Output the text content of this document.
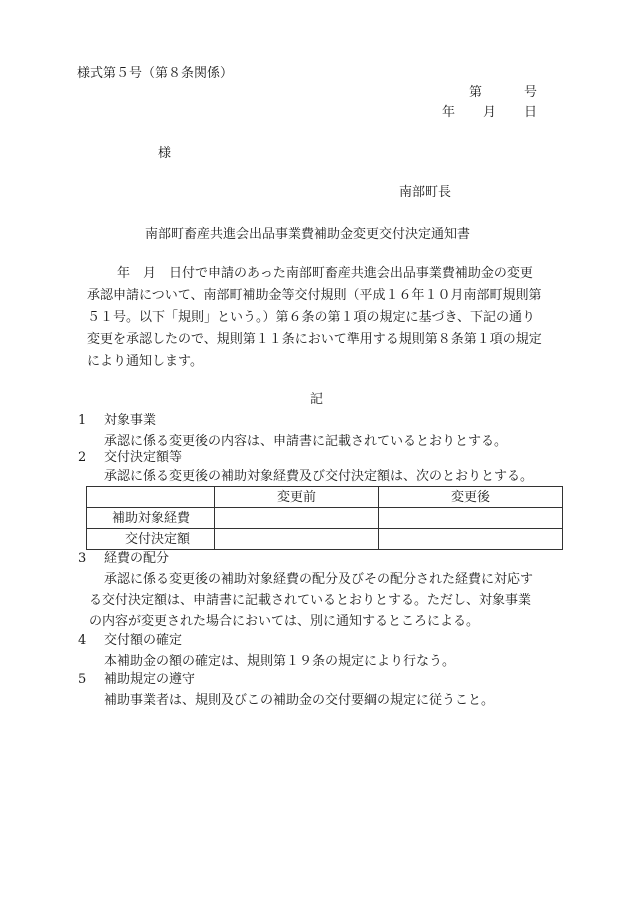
様式第５号（第８条関係）
第	号
年 月 日
様
南部町長
南部町畜産共進会出品事業費補助金変更交付決定通知書
年　月　日付で申請のあった南部町畜産共進会出品事業費補助金の変更
承認申請について、南部町補助金等交付規則（平成１６年１０月南部町規則第
５１号。以下「規則」という。）第６条の第１項の規定に基づき、下記の通り
変更を承認したので、規則第１１条において準用する規則第８条第１項の規定
により通知します。
記
1 対象事業
承認に係る変更後の内容は、申請書に記載されているとおりとする。
2 交付決定額等
承認に係る変更後の補助対象経費及び交付決定額は、次のとおりとする。
	変更前	変更後
補助対象経費		
交付決定額		
3 経費の配分
承認に係る変更後の補助対象経費の配分及びその配分された経費に対応す
る交付決定額は、申請書に記載されているとおりとする。ただし、対象事業
の内容が変更された場合においては、別に通知するところによる。
4 交付額の確定
本補助金の額の確定は、規則第１９条の規定により行なう。
5 補助規定の遵守
補助事業者は、規則及びこの補助金の交付要綱の規定に従うこと。
